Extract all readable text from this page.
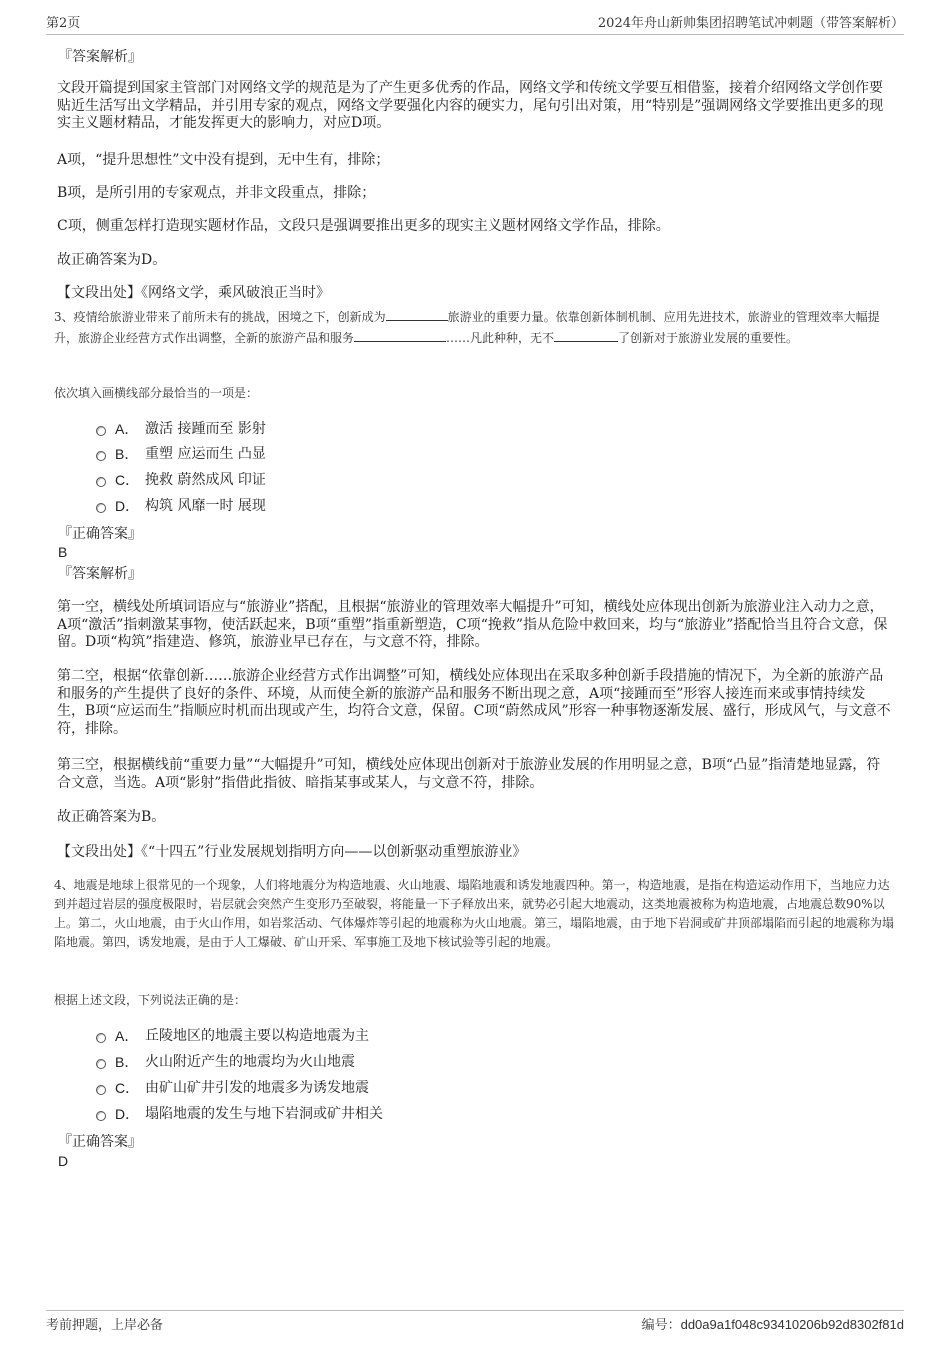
第2页	2024年舟山新帅集团招聘笔试冲刺题（带答案解析）
『答案解析』
文段开篇提到国家主管部门对网络文学的规范是为了产生更多优秀的作品，网络文学和传统文学要互相借鉴，接着介绍网络文学创作要贴近生活写出文学精品，并引用专家的观点，网络文学要强化内容的硬实力，尾句引出对策，用“特别是”强调网络文学要推出更多的现实主义题材精品，才能发挥更大的影响力，对应D项。
A项，“提升思想性”文中没有提到，无中生有，排除；
B项，是所引用的专家观点，并非文段重点，排除；
C项，侧重怎样打造现实题材作品，文段只是强调要推出更多的现实主义题材网络文学作品，排除。
故正确答案为D。
【文段出处】《网络文学，乘风破浪正当时》
3、疫情给旅游业带来了前所未有的挑战，困境之下，创新成为	旅游业的重要力量。依靠创新体制机制、应用先进技术，旅游业的管理效率大幅提升，旅游企业经营方式作出调整，全新的旅游产品和服务	……凡此种种，无不	了创新对于旅游业发展的重要性。
依次填入画横线部分最恰当的一项是：
A． 激活 接踵而至 影射
B． 重塑 应运而生 凸显
C． 挽救 蔚然成风 印证
D． 构筑 风靡一时 展现
『正确答案』
B
『答案解析』
第一空，横线处所填词语应与“旅游业”搭配，且根据“旅游业的管理效率大幅提升”可知，横线处应体现出创新为旅游业注入动力之意，A项“激活”指刺激某事物，使活跃起来，B项“重塑”指重新塑造，C项“挽救”指从危险中救回来，均与“旅游业”搭配恰当且符合文意，保留。D项“构筑”指建造、修筑，旅游业早已存在，与文意不符，排除。
第二空，根据“依靠创新……旅游企业经营方式作出调整”可知，横线处应体现出在采取多种创新手段措施的情况下，为全新的旅游产品和服务的产生提供了良好的条件、环境，从而使全新的旅游产品和服务不断出现之意，A项“接踵而至”形容人接连而来或事情持续发生，B项“应运而生”指顺应时机而出现或产生，均符合文意，保留。C项“蔚然成风”形容一种事物逐渐发展、盛行，形成风气，与文意不符，排除。
第三空，根据横线前“重要力量”“大幅提升”可知，横线处应体现出创新对于旅游业发展的作用明显之意，B项“凸显”指清楚地显露，符合文意，当选。A项“影射”指借此指彼、暗指某事或某人，与文意不符，排除。
故正确答案为B。
【文段出处】《“十四五”行业发展规划指明方向——以创新驱动重塑旅游业》
4、地震是地球上很常见的一个现象，人们将地震分为构造地震、火山地震、塌陷地震和诱发地震四种。第一，构造地震，是指在构造运动作用下，当地应力达到并超过岩层的强度极限时，岩层就会突然产生变形乃至破裂，将能量一下子释放出来，就势必引起大地震动，这类地震被称为构造地震，占地震总数90%以上。第二，火山地震，由于火山作用，如岩浆活动、气体爆炸等引起的地震称为火山地震。第三，塌陷地震，由于地下岩洞或矿井顶部塌陷而引起的地震称为塌陷地震。第四，诱发地震，是由于人工爆破、矿山开采、军事施工及地下核试验等引起的地震。
根据上述文段，下列说法正确的是：
A． 丘陵地区的地震主要以构造地震为主
B． 火山附近产生的地震均为火山地震
C． 由矿山矿井引发的地震多为诱发地震
D． 塌陷地震的发生与地下岩洞或矿井相关
『正确答案』
D
考前押题，上岸必备	编号：dd0a9a1f048c93410206b92d8302f81d
